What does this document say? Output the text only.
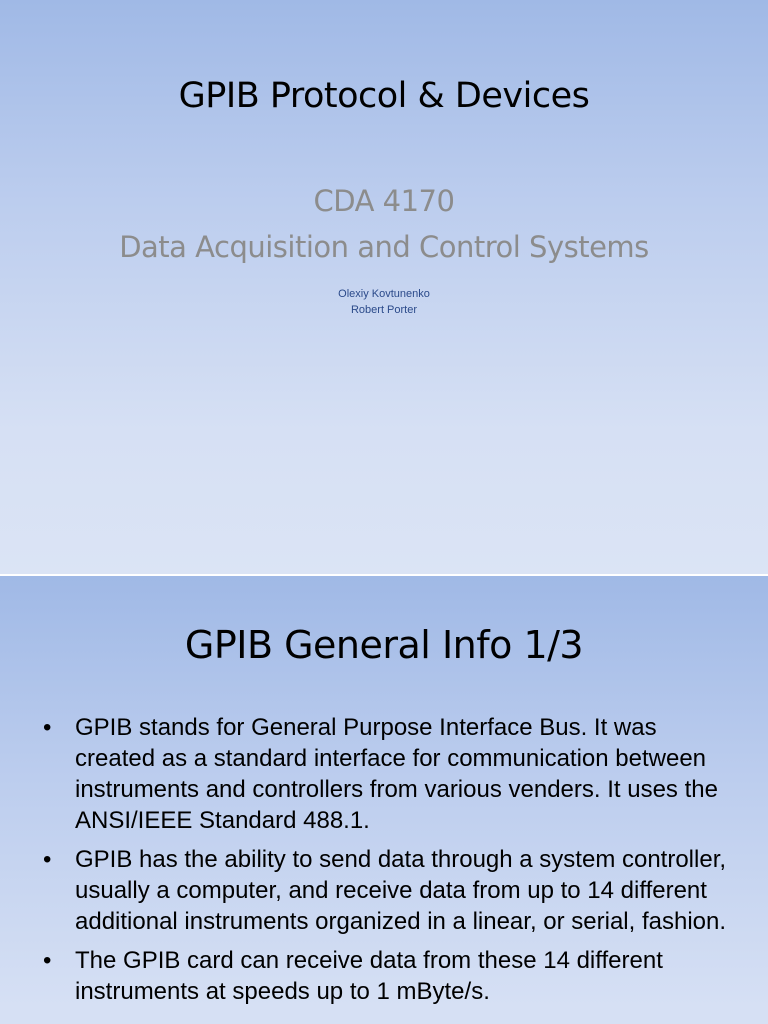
GPIB Protocol & Devices
CDA 4170
Data Acquisition and Control Systems
Olexiy Kovtunenko
Robert Porter
GPIB General Info 1/3
• GPIB stands for General Purpose Interface Bus. It was created as a standard interface for communication between instruments and controllers from various venders. It uses the ANSI/IEEE Standard 488.1.
• GPIB has the ability to send data through a system controller, usually a computer, and receive data from up to 14 different additional instruments organized in a linear, or serial, fashion.
• The GPIB card can receive data from these 14 different instruments at speeds up to 1 mByte/s.
